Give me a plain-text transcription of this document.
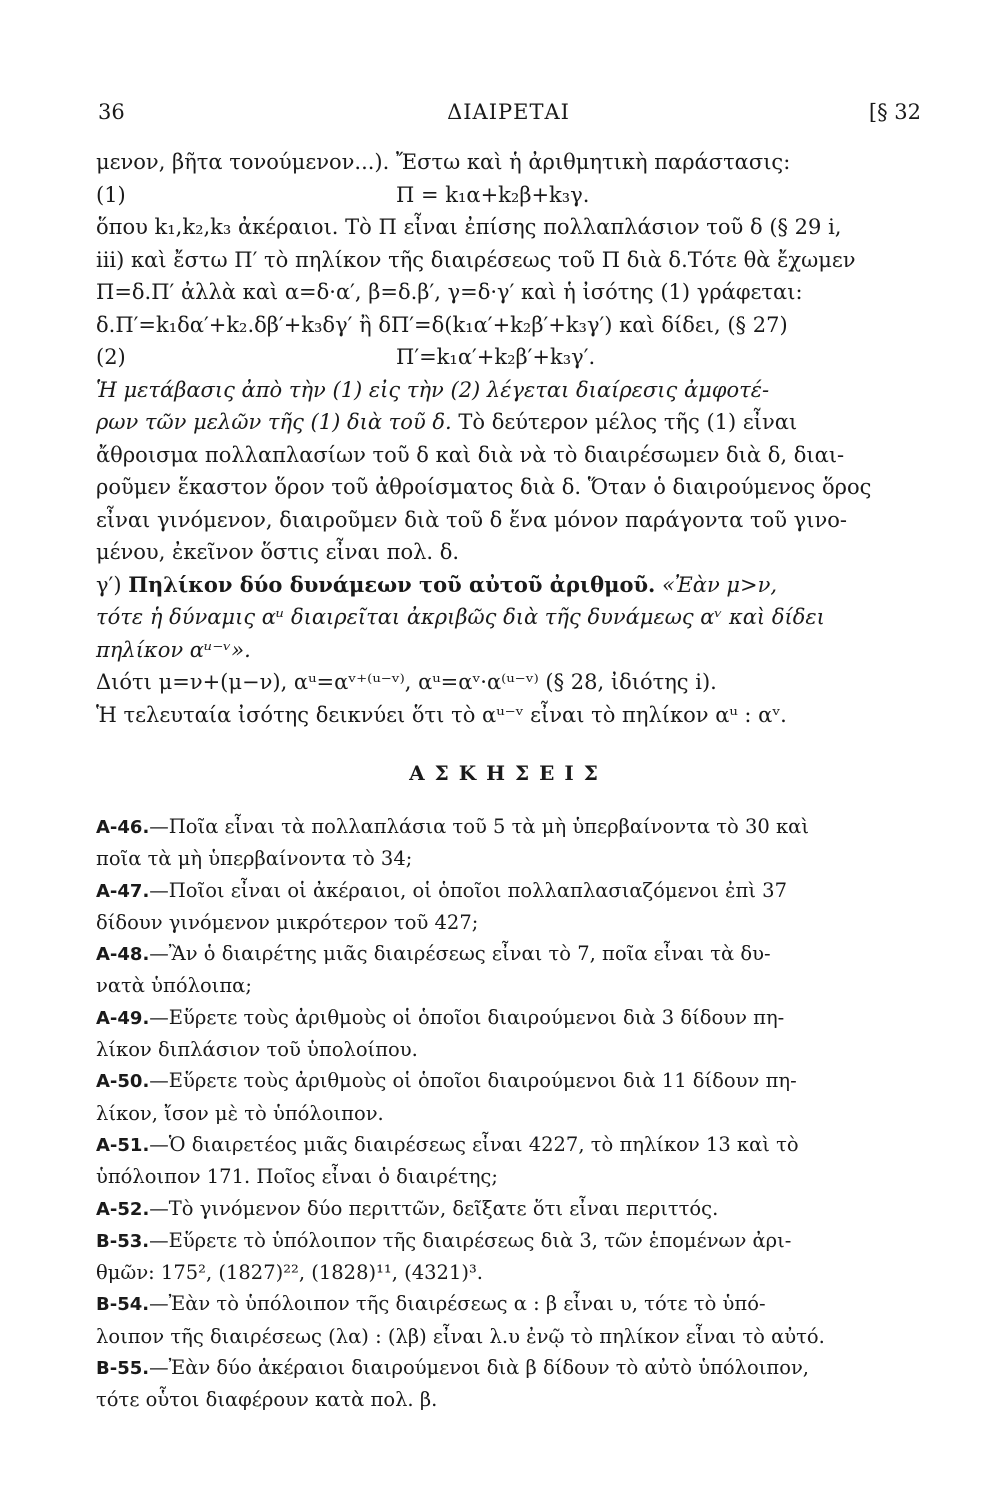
36	ΔΙΑΙΡΕΤΑΙ	[§ 32
μενον, βῆτα τονούμενον...). Ἔστω καὶ ἡ ἀριθμητικὴ παράστασις:
(1)	Π = k₁α+k₂β+k₃γ.
ὅπου k₁,k₂,k₃ ἀκέραιοι. Τὸ Π εἶναι ἐπίσης πολλαπλάσιον τοῦ δ (§ 29 i,
iii) καὶ ἔστω Π′ τὸ πηλίκον τῆς διαιρέσεως τοῦ Π διὰ δ.Τότε θὰ ἔχωμεν
Π=δ.Π′ ἀλλὰ καὶ α=δ·α′, β=δ.β′, γ=δ·γ′ καὶ ἡ ἰσότης (1) γράφεται:
δ.Π′=k₁δα′+k₂.δβ′+k₃δγ′ ἢ δΠ′=δ(k₁α′+k₂β′+k₃γ′) καὶ δίδει, (§ 27)
(2)	Π′=k₁α′+k₂β′+k₃γ′.
Ἡ μετάβασις ἀπὸ τὴν (1) εἰς τὴν (2) λέγεται διαίρεσις ἀμφοτέ-
ρων τῶν μελῶν τῆς (1) διὰ τοῦ δ. Τὸ δεύτερον μέλος τῆς (1) εἶναι
ἄθροισμα πολλαπλασίων τοῦ δ καὶ διὰ νὰ τὸ διαιρέσωμεν διὰ δ, διαι-
ροῦμεν ἕκαστον ὅρον τοῦ ἀθροίσματος διὰ δ. Ὅταν ὁ διαιρούμενος ὅρος
εἶναι γινόμενον, διαιροῦμεν διὰ τοῦ δ ἕνα μόνον παράγοντα τοῦ γινο-
μένου, ἐκεῖνον ὅστις εἶναι πολ. δ.
γ′) Πηλίκον δύο δυνάμεων τοῦ αὐτοῦ ἀριθμοῦ. «Ἐὰν μ>ν,
τότε ἡ δύναμις αᵘ διαιρεῖται ἀκριβῶς διὰ τῆς δυνάμεως αᵛ καὶ δίδει
πηλίκον αᵘ⁻ᵛ».
Διότι μ=ν+(μ−ν), αᵘ=αᵛ⁺⁽ᵘ⁻ᵛ⁾, αᵘ=αᵛ·α⁽ᵘ⁻ᵛ⁾ (§ 28, ἰδιότης i).
Ἡ τελευταία ἰσότης δεικνύει ὅτι τὸ αᵘ⁻ᵛ εἶναι τὸ πηλίκον αᵘ : αᵛ.
ΑΣΚΗΣΕΙΣ
Α-46.—Ποῖα εἶναι τὰ πολλαπλάσια τοῦ 5 τὰ μὴ ὑπερβαίνοντα τὸ 30 καὶ
ποῖα τὰ μὴ ὑπερβαίνοντα τὸ 34;
Α-47.—Ποῖοι εἶναι οἱ ἀκέραιοι, οἱ ὁποῖοι πολλαπλασιαζόμενοι ἐπὶ 37
δίδουν γινόμενον μικρότερον τοῦ 427;
Α-48.—Ἂν ὁ διαιρέτης μιᾶς διαιρέσεως εἶναι τὸ 7, ποῖα εἶναι τὰ δυ-
νατὰ ὑπόλοιπα;
Α-49.—Εὕρετε τοὺς ἀριθμοὺς οἱ ὁποῖοι διαιρούμενοι διὰ 3 δίδουν πη-
λίκον διπλάσιον τοῦ ὑπολοίπου.
Α-50.—Εὕρετε τοὺς ἀριθμοὺς οἱ ὁποῖοι διαιρούμενοι διὰ 11 δίδουν πη-
λίκον, ἴσον μὲ τὸ ὑπόλοιπον.
Α-51.—Ὁ διαιρετέος μιᾶς διαιρέσεως εἶναι 4227, τὸ πηλίκον 13 καὶ τὸ
ὑπόλοιπον 171. Ποῖος εἶναι ὁ διαιρέτης;
Α-52.—Τὸ γινόμενον δύο περιττῶν, δεῖξατε ὅτι εἶναι περιττός.
Β-53.—Εὕρετε τὸ ὑπόλοιπον τῆς διαιρέσεως διὰ 3, τῶν ἑπομένων ἀρι-
θμῶν: 175², (1827)²², (1828)¹¹, (4321)³.
Β-54.—Ἐὰν τὸ ὑπόλοιπον τῆς διαιρέσεως α : β εἶναι υ, τότε τὸ ὑπό-
λοιπον τῆς διαιρέσεως (λα) : (λβ) εἶναι λ.υ ἐνῷ τὸ πηλίκον εἶναι τὸ αὐτό.
Β-55.—Ἐὰν δύο ἀκέραιοι διαιρούμενοι διὰ β δίδουν τὸ αὐτὸ ὑπόλοιπον,
τότε οὗτοι διαφέρουν κατὰ πολ. β.
